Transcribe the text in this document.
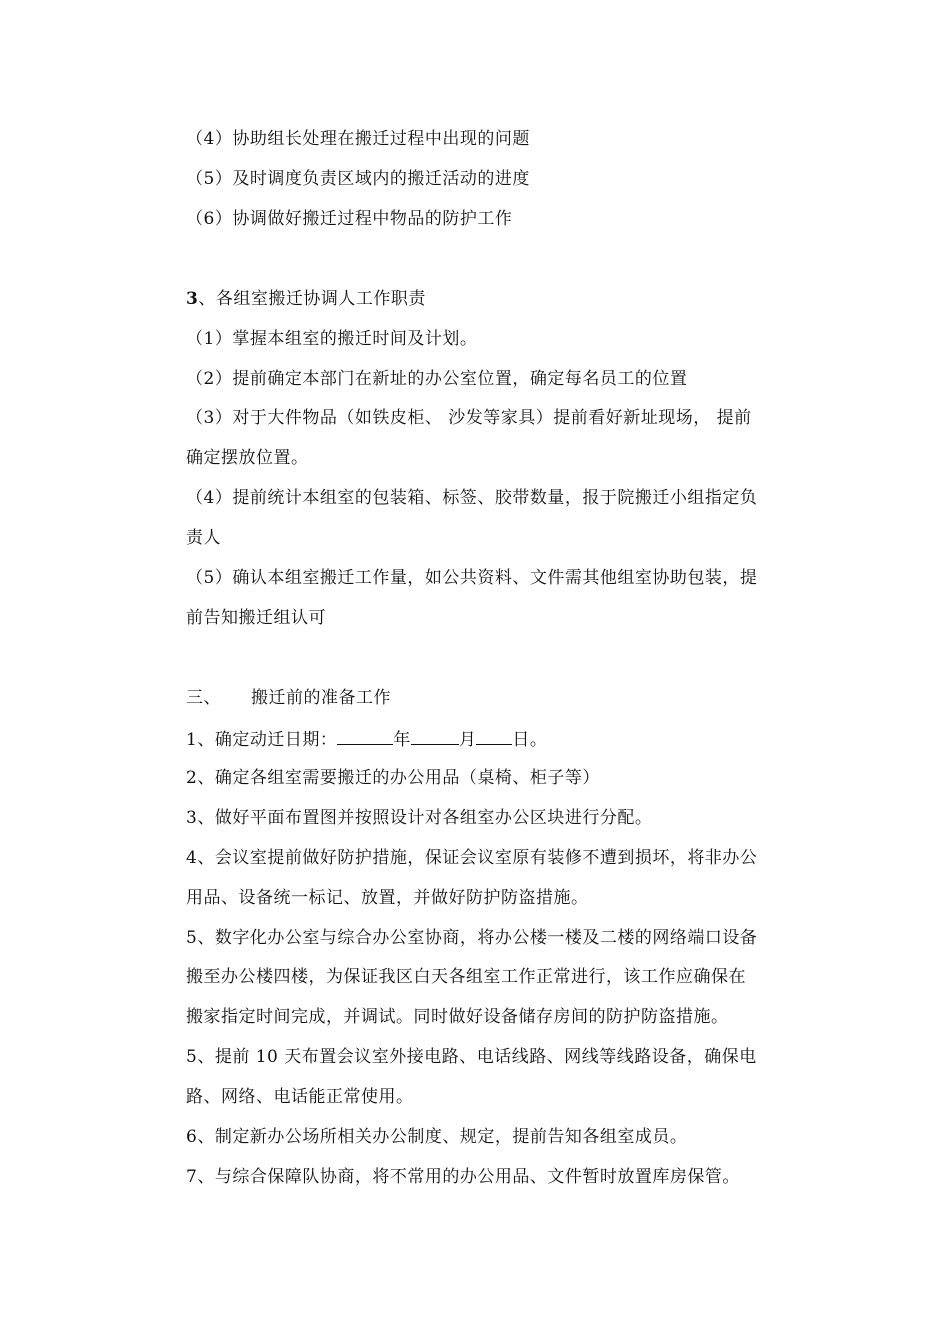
（4）协助组长处理在搬迁过程中出现的问题
（5）及时调度负责区域内的搬迁活动的进度
（6）协调做好搬迁过程中物品的防护工作
3、各组室搬迁协调人工作职责
（1）掌握本组室的搬迁时间及计划。
（2）提前确定本部门在新址的办公室位置，确定每名员工的位置
（3）对于大件物品（如铁皮柜、 沙发等家具）提前看好新址现场， 提前
确定摆放位置。
（4）提前统计本组室的包装箱、标签、胶带数量，报于院搬迁小组指定负
责人
（5）确认本组室搬迁工作量，如公共资料、文件需其他组室协助包装，提
前告知搬迁组认可
三、 搬迁前的准备工作
1、确定动迁日期：	年	月 日。
2、确定各组室需要搬迁的办公用品（桌椅、柜子等）
3、做好平面布置图并按照设计对各组室办公区块进行分配。
4、会议室提前做好防护措施，保证会议室原有装修不遭到损坏，将非办公
用品、设备统一标记、放置，并做好防护防盗措施。
5、数字化办公室与综合办公室协商，将办公楼一楼及二楼的网络端口设备
搬至办公楼四楼，为保证我区白天各组室工作正常进行，该工作应确保在
搬家指定时间完成，并调试。同时做好设备储存房间的防护防盗措施。
5、提前 10 天布置会议室外接电路、电话线路、网线等线路设备，确保电
路、网络、电话能正常使用。
6、制定新办公场所相关办公制度、规定，提前告知各组室成员。
7、与综合保障队协商，将不常用的办公用品、文件暂时放置库房保管。
